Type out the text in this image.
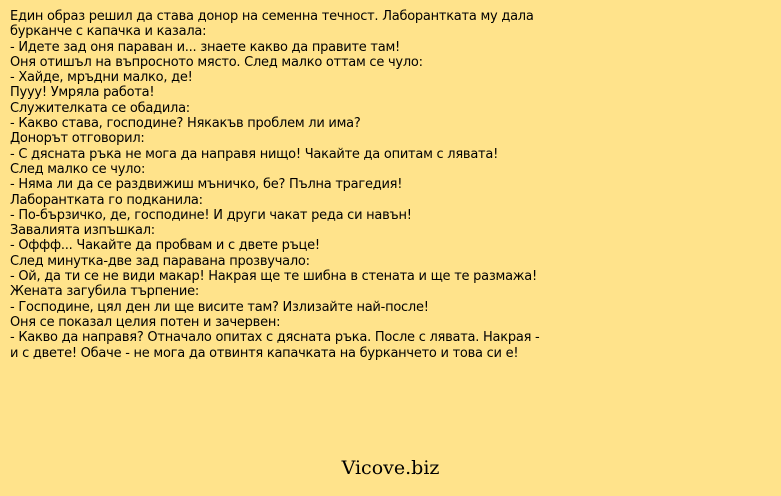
Един образ решил да става донор на семенна течност. Лаборантката му дала
бурканче с капачка и казала:
- Идете зад оня параван и... знаете какво да правите там!
Оня отишъл на въпросното място. След малко оттам се чуло:
- Хайде, мръдни малко, де!
Пууу! Умряла работа!
Служителката се обадила:
- Какво става, господине? Някакъв проблем ли има?
Донорът отговорил:
- С дясната ръка не мога да направя нищо! Чакайте да опитам с лявата!
След малко се чуло:
- Няма ли да се раздвижиш мъничко, бе? Пълна трагедия!
Лаборантката го подканила:
- По-бързичко, де, господине! И други чакат реда си навън!
Завалията изпъшкал:
- Оффф... Чакайте да пробвам и с двете ръце!
След минутка-две зад паравана прозвучало:
- Ой, да ти се не види макар! Накрая ще те шибна в стената и ще те размажа!
Жената загубила търпение:
- Господине, цял ден ли ще висите там? Излизайте най-после!
Оня се показал целия потен и зачервен:
- Какво да направя? Отначало опитах с дясната ръка. После с лявата. Накрая -
и с двете! Обаче - не мога да отвинтя капачката на бурканчето и това си е!
Vicove.biz
